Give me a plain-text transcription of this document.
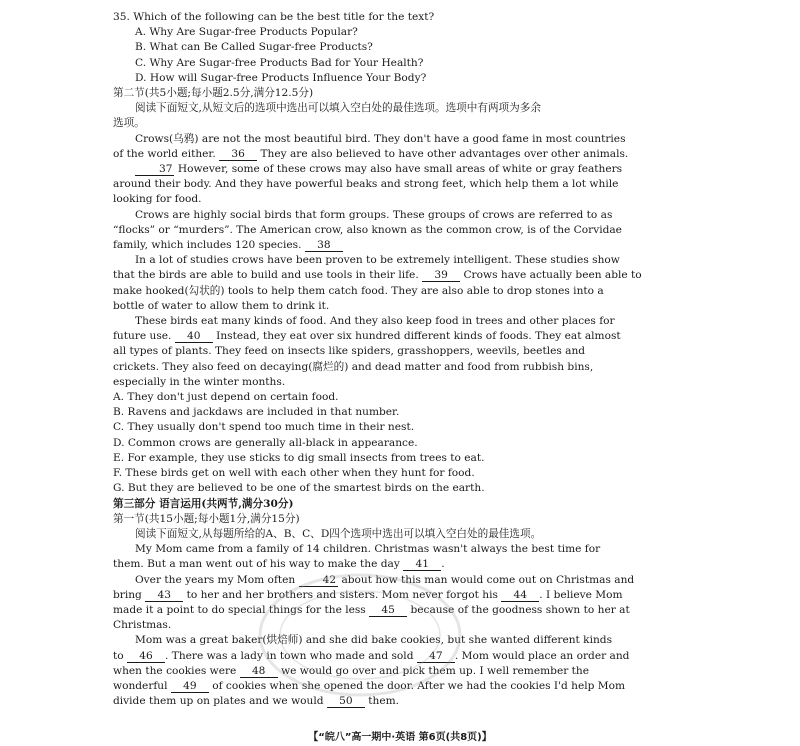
35. Which of the following can be the best title for the text?
A. Why Are Sugar-free Products Popular?
B. What can Be Called Sugar-free Products?
C. Why Are Sugar-free Products Bad for Your Health?
D. How will Sugar-free Products Influence Your Body?
第二节(共5小题;每小题2.5分,满分12.5分)
阅读下面短文,从短文后的选项中选出可以填入空白处的最佳选项。选项中有两项为多余
选项。
Crows(乌鸦) are not the most beautiful bird. They don't have a good fame in most countries
of the world either. 36 They are also believed to have other advantages over other animals.
37 However, some of these crows may also have small areas of white or gray feathers
around their body. And they have powerful beaks and strong feet, which help them a lot while
looking for food.
Crows are highly social birds that form groups. These groups of crows are referred to as
“flocks” or “murders”. The American crow, also known as the common crow, is of the Corvidae
family, which includes 120 species. 38
In a lot of studies crows have been proven to be extremely intelligent. These studies show
that the birds are able to build and use tools in their life. 39 Crows have actually been able to
make hooked(勾状的) tools to help them catch food. They are also able to drop stones into a
bottle of water to allow them to drink it.
These birds eat many kinds of food. And they also keep food in trees and other places for
future use. 40 Instead, they eat over six hundred different kinds of foods. They eat almost
all types of plants. They feed on insects like spiders, grasshoppers, weevils, beetles and
crickets. They also feed on decaying(腐烂的) and dead matter and food from rubbish bins,
especially in the winter months.
A. They don't just depend on certain food.
B. Ravens and jackdaws are included in that number.
C. They usually don't spend too much time in their nest.
D. Common crows are generally all-black in appearance.
E. For example, they use sticks to dig small insects from trees to eat.
F. These birds get on well with each other when they hunt for food.
G. But they are believed to be one of the smartest birds on the earth.
第三部分 语言运用(共两节,满分30分)
第一节(共15小题;每小题1分,满分15分)
阅读下面短文,从每题所给的A、B、C、D四个选项中选出可以填入空白处的最佳选项。
My Mom came from a family of 14 children. Christmas wasn't always the best time for
them. But a man went out of his way to make the day 41 .
Over the years my Mom often	42 about how this man would come out on Christmas and
bring 43 to her and her brothers and sisters. Mom never forgot his 44 . I believe Mom
made it a point to do special things for the less 45 because of the goodness shown to her at
Christmas.
Mom was a great baker(烘焙师) and she did bake cookies, but she wanted different kinds
to 46 . There was a lady in town who made and sold 47 . Mom would place an order and
when the cookies were 48 we would go over and pick them up. I well remember the
wonderful 49 of cookies when she opened the door. After we had the cookies I'd help Mom
divide them up on plates and we would 50 them.
【“皖八”高一期中·英语 第6页(共8页)】
